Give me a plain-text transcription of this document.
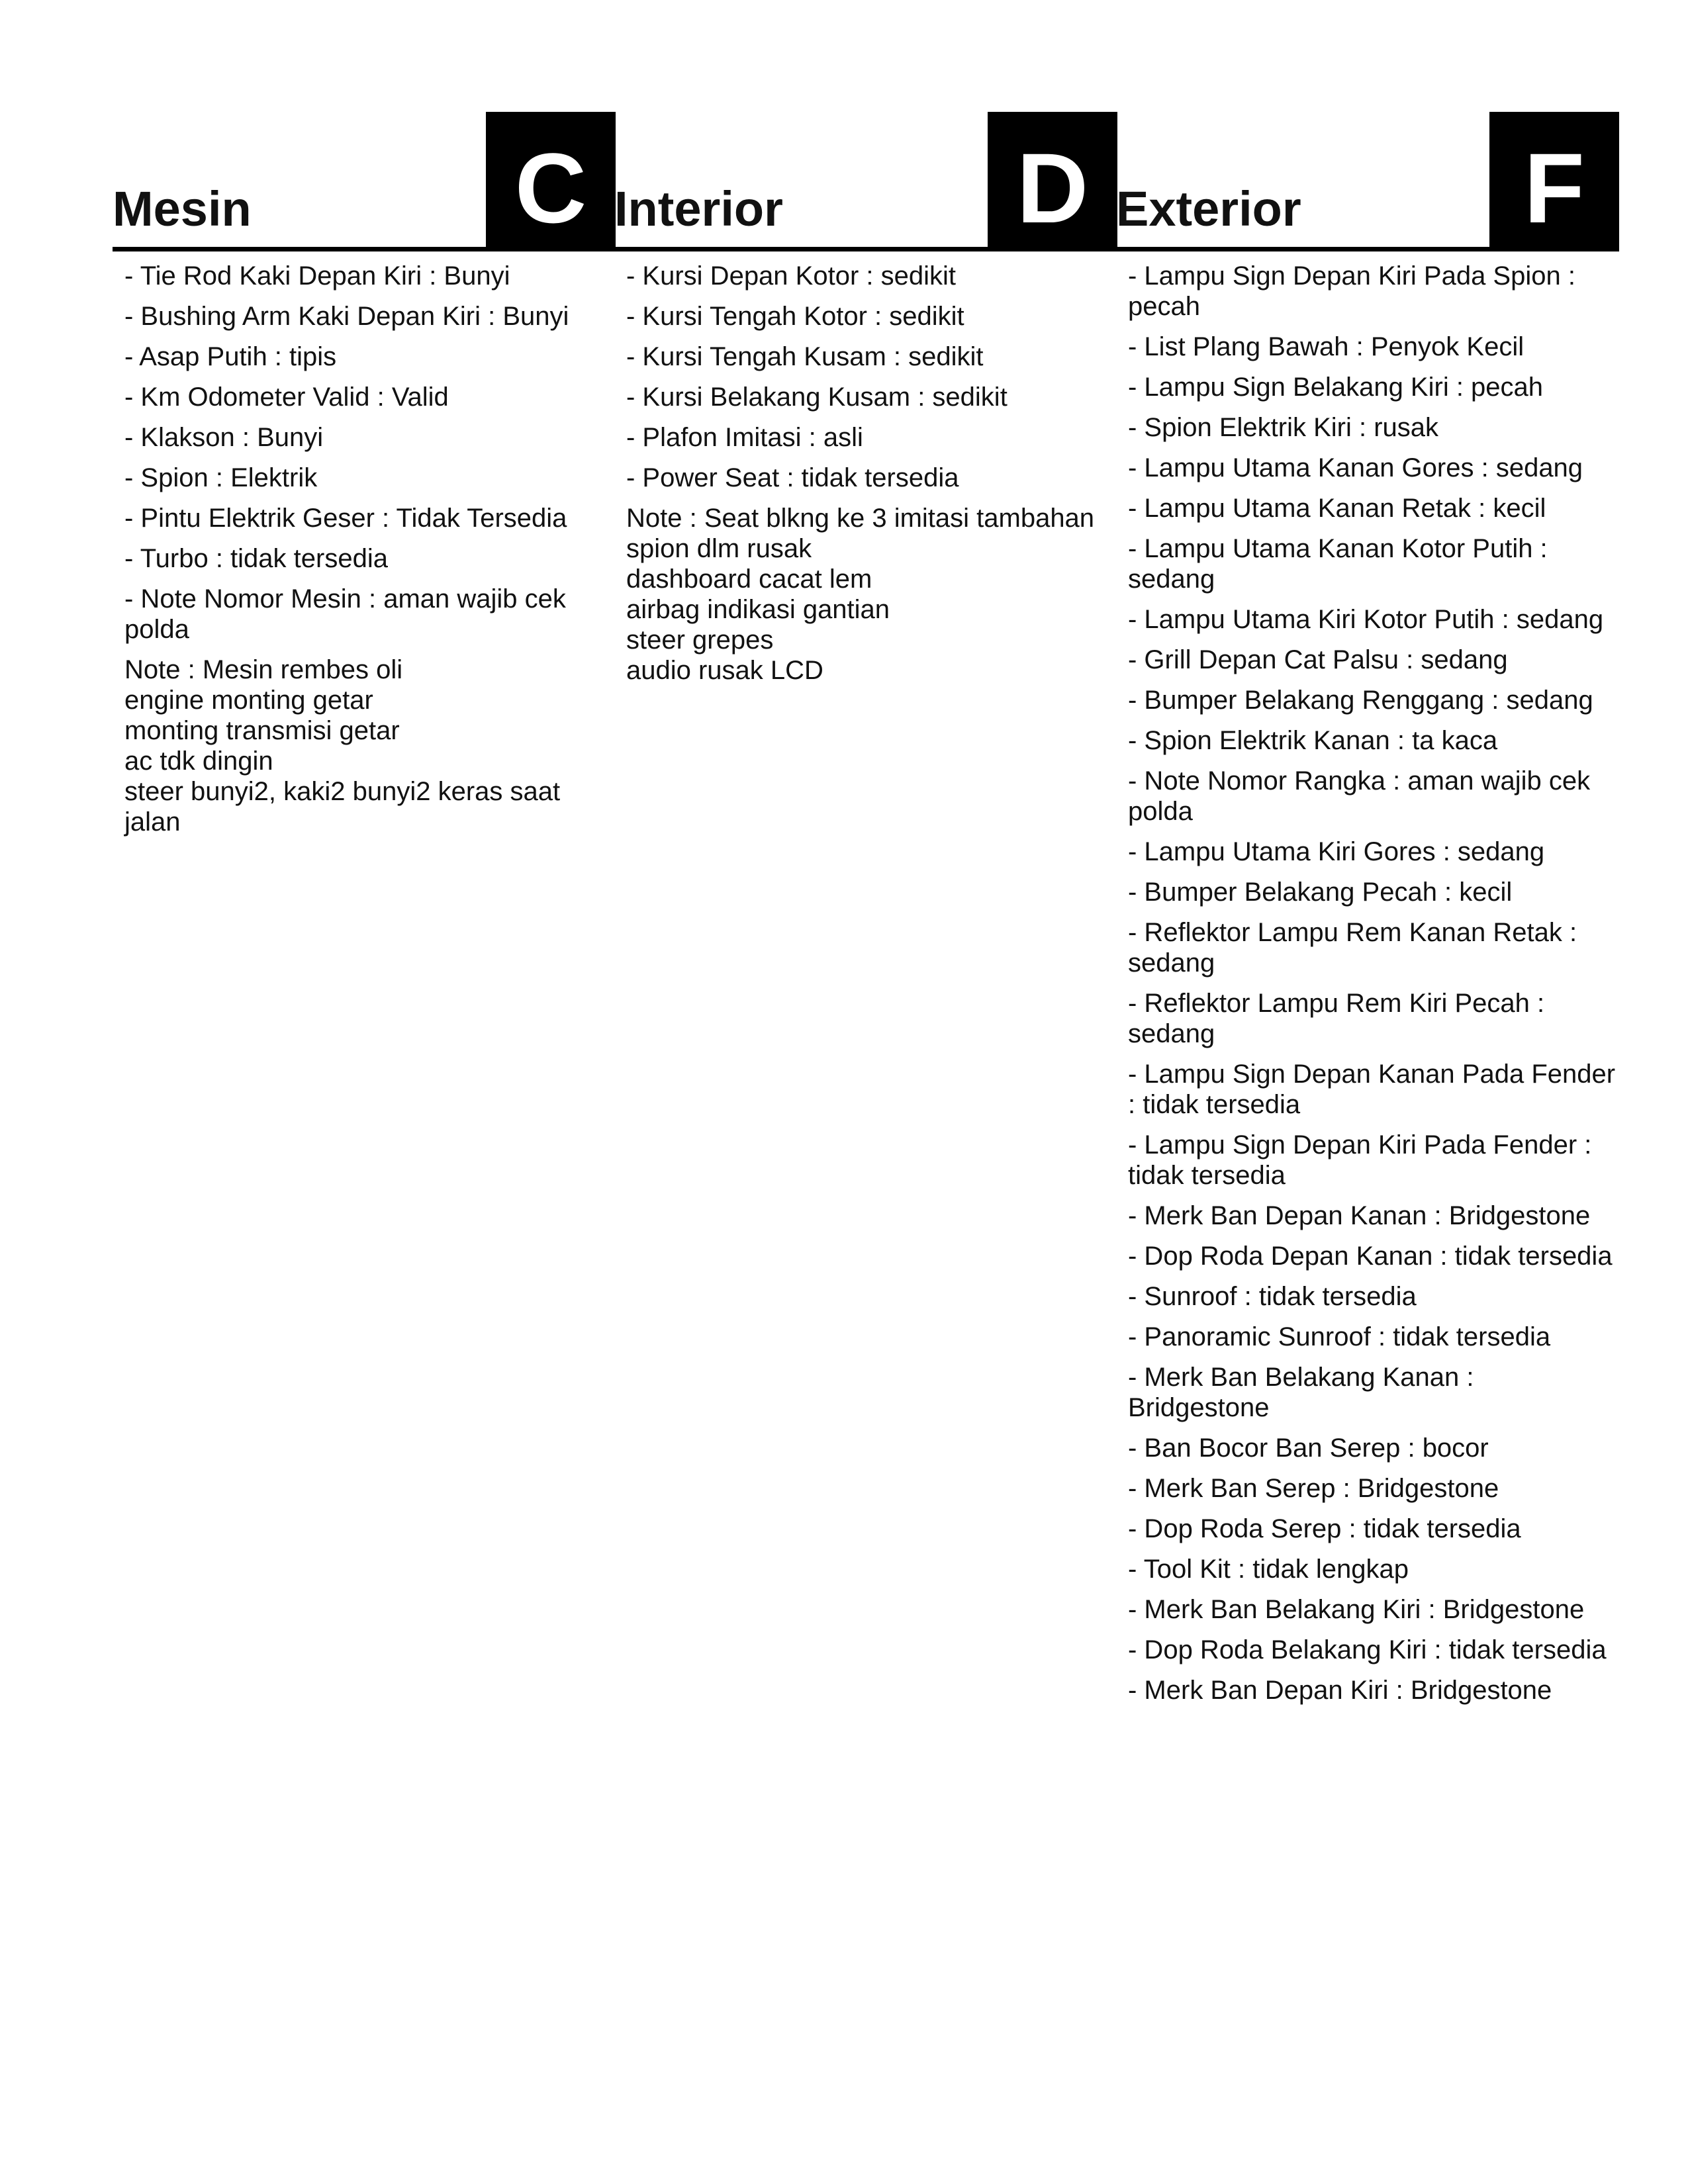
Mesin	C
- Tie Rod Kaki Depan Kiri : Bunyi
- Bushing Arm Kaki Depan Kiri : Bunyi
- Asap Putih : tipis
- Km Odometer Valid : Valid
- Klakson : Bunyi
- Spion : Elektrik
- Pintu Elektrik Geser : Tidak Tersedia
- Turbo : tidak tersedia
- Note Nomor Mesin : aman wajib cek polda

Note : Mesin rembes oli
engine monting getar
monting transmisi getar
ac tdk dingin
steer bunyi2, kaki2 bunyi2 keras saat jalan

Interior D
- Kursi Depan Kotor : sedikit
- Kursi Tengah Kotor : sedikit
- Kursi Tengah Kusam : sedikit
- Kursi Belakang Kusam : sedikit
- Plafon Imitasi : asli
- Power Seat : tidak tersedia

Note : Seat blkng ke 3 imitasi tambahan
spion dlm rusak
dashboard cacat lem
airbag indikasi gantian
steer grepes
audio rusak LCD

Exterior	F
- Lampu Sign Depan Kiri Pada Spion : pecah
- List Plang Bawah : Penyok Kecil
- Lampu Sign Belakang Kiri : pecah
- Spion Elektrik Kiri : rusak
- Lampu Utama Kanan Gores : sedang
- Lampu Utama Kanan Retak : kecil
- Lampu Utama Kanan Kotor Putih : sedang
- Lampu Utama Kiri Kotor Putih : sedang
- Grill Depan Cat Palsu : sedang
- Bumper Belakang Renggang : sedang
- Spion Elektrik Kanan : ta kaca
- Note Nomor Rangka : aman wajib cek polda
- Lampu Utama Kiri Gores : sedang
- Bumper Belakang Pecah : kecil
- Reflektor Lampu Rem Kanan Retak : sedang
- Reflektor Lampu Rem Kiri Pecah : sedang
- Lampu Sign Depan Kanan Pada Fender : tidak tersedia
- Lampu Sign Depan Kiri Pada Fender : tidak tersedia
- Merk Ban Depan Kanan : Bridgestone
- Dop Roda Depan Kanan : tidak tersedia
- Sunroof : tidak tersedia
- Panoramic Sunroof : tidak tersedia
- Merk Ban Belakang Kanan : Bridgestone
- Ban Bocor Ban Serep : bocor
- Merk Ban Serep : Bridgestone
- Dop Roda Serep : tidak tersedia
- Tool Kit : tidak lengkap
- Merk Ban Belakang Kiri : Bridgestone
- Dop Roda Belakang Kiri : tidak tersedia
- Merk Ban Depan Kiri : Bridgestone
